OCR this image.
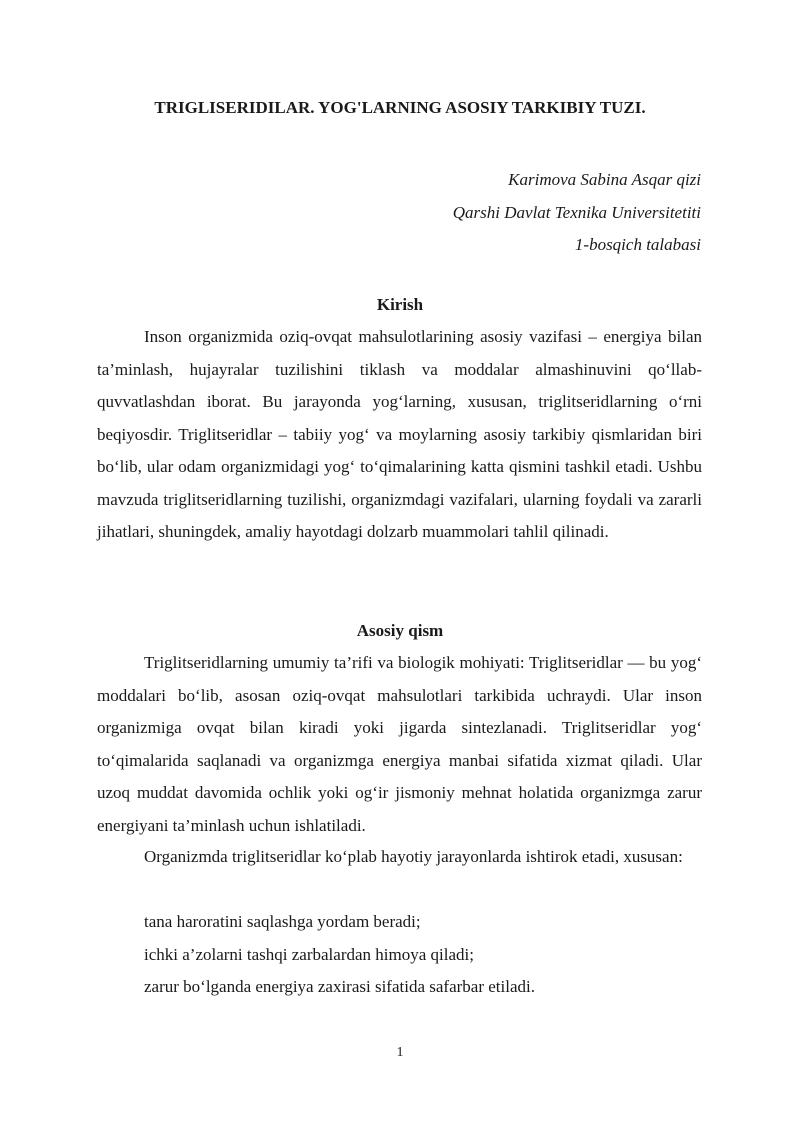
TRIGLISERIDILAR. YOG'LARNING ASOSIY TARKIBIY TUZI.
Karimova Sabina Asqar qizi
Qarshi Davlat Texnika Universitetiti
1-bosqich talabasi
Kirish

Inson organizmida oziq-ovqat mahsulotlarining asosiy vazifasi – energiya bilan ta’minlash, hujayralar tuzilishini tiklash va moddalar almashinuvini qo‘llab-quvvatlashdan iborat. Bu jarayonda yog‘larning, xususan, triglitseridlarning o‘rni beqiyosdir. Triglitseridlar – tabiiy yog‘ va moylarning asosiy tarkibiy qismlaridan biri bo‘lib, ular odam organizmidagi yog‘ to‘qimalarining katta qismini tashkil etadi. Ushbu mavzuda triglitseridlarning tuzilishi, organizmdagi vazifalari, ularning foydali va zararli jihatlari, shuningdek, amaliy hayotdagi dolzarb muammolari tahlil qilinadi.

Asosiy qism

Triglitseridlarning umumiy ta’rifi va biologik mohiyati: Triglitseridlar — bu yog‘ moddalari bo‘lib, asosan oziq-ovqat mahsulotlari tarkibida uchraydi. Ular inson organizmiga ovqat bilan kiradi yoki jigarda sintezlanadi. Triglitseridlar yog‘ to‘qimalarida saqlanadi va organizmga energiya manbai sifatida xizmat qiladi. Ular uzoq muddat davomida ochlik yoki og‘ir jismoniy mehnat holatida organizmga zarur energiyani ta’minlash uchun ishlatiladi.

Organizmda triglitseridlar ko‘plab hayotiy jarayonlarda ishtirok etadi, xususan:

tana haroratini saqlashga yordam beradi;
ichki a’zolarni tashqi zarbalardan himoya qiladi;
zarur bo‘lganda energiya zaxirasi sifatida safarbar etiladi.
1
